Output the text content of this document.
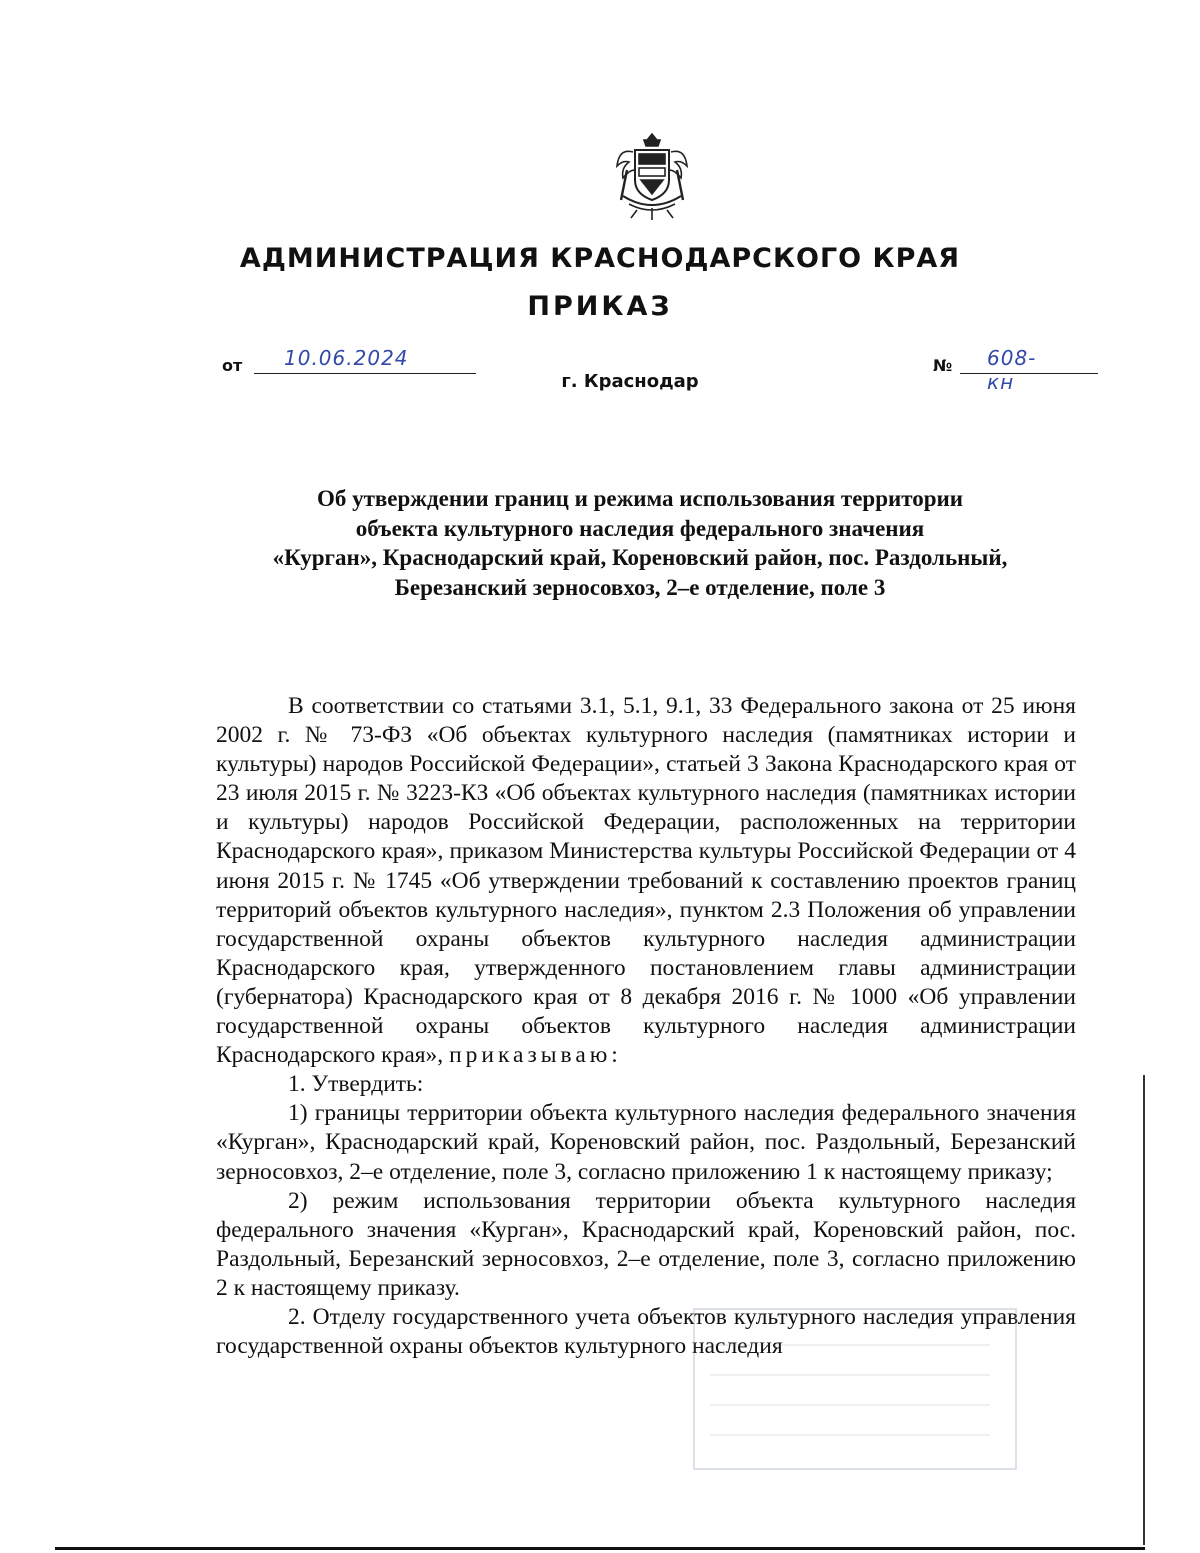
АДМИНИСТРАЦИЯ КРАСНОДАРСКОГО КРАЯ
ПРИКАЗ
от 10.06.2024	№ 608-кн

г. Краснодар

Об утверждении границ и режима использования территории
объекта культурного наследия федерального значения
«Курган», Краснодарский край, Кореновский район, пос. Раздольный,
Березанский зерносовхоз, 2–е отделение, поле 3

В соответствии со статьями 3.1, 5.1, 9.1, 33 Федерального закона от 25 июня 2002 г. № 73-ФЗ «Об объектах культурного наследия (памятниках истории и культуры) народов Российской Федерации», статьей 3 Закона Краснодарского края от 23 июля 2015 г. № 3223-КЗ «Об объектах культурного наследия (памятниках истории и культуры) народов Российской Федерации, расположенных на территории Краснодарского края», приказом Министерства культуры Российской Федерации от 4 июня 2015 г. № 1745 «Об утверждении требований к составлению проектов границ территорий объектов культурного наследия», пунктом 2.3 Положения об управлении государственной охраны объектов культурного наследия администрации Краснодарского края, утвержденного постановлением главы администрации (губернатора) Краснодарского края от 8 декабря 2016 г. № 1000 «Об управлении государственной охраны объектов культурного наследия администрации Краснодарского края», приказываю:

1. Утвердить:

1) границы территории объекта культурного наследия федерального значения «Курган», Краснодарский край, Кореновский район, пос. Раздольный, Березанский зерносовхоз, 2–е отделение, поле 3, согласно приложению 1 к настоящему приказу;

2) режим использования территории объекта культурного наследия федерального значения «Курган», Краснодарский край, Кореновский район, пос. Раздольный, Березанский зерносовхоз, 2–е отделение, поле 3, согласно приложению 2 к настоящему приказу.

2. Отделу государственного учета объектов культурного наследия управления государственной охраны объектов культурного наследия
